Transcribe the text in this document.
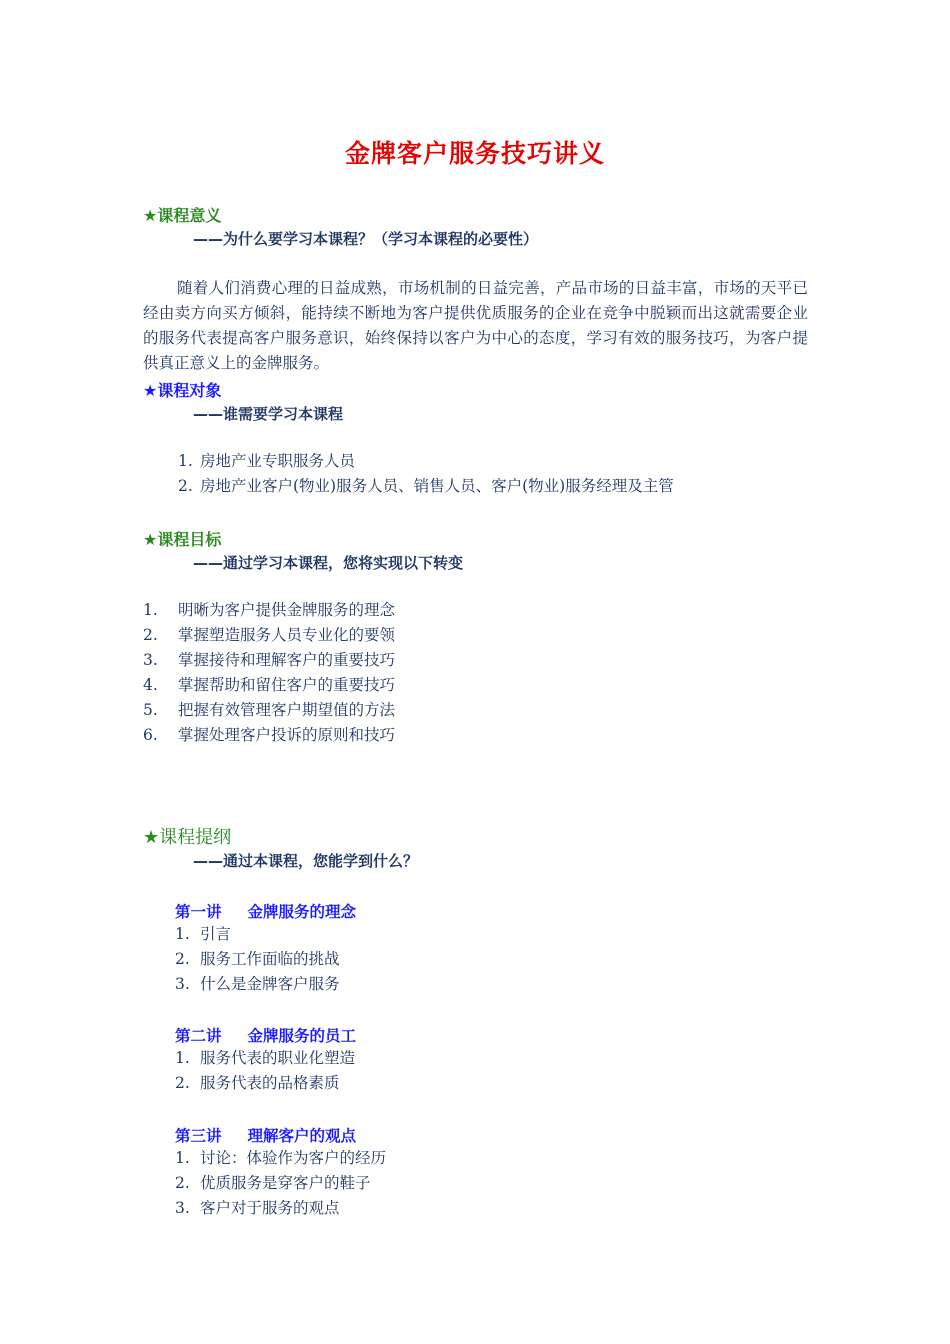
金牌客户服务技巧讲义
★课程意义
——为什么要学习本课程？（学习本课程的必要性）
随着人们消费心理的日益成熟，市场机制的日益完善，产品市场的日益丰富，市场的天平已经由卖方向买方倾斜，能持续不断地为客户提供优质服务的企业在竞争中脱颖而出这就需要企业的服务代表提高客户服务意识，始终保持以客户为中心的态度，学习有效的服务技巧，为客户提供真正意义上的金牌服务。
★课程对象
——谁需要学习本课程
1. 房地产业专职服务人员
2. 房地产业客户(物业)服务人员、销售人员、客户(物业)服务经理及主管
★课程目标
——通过学习本课程，您将实现以下转变
1. 明晰为客户提供金牌服务的理念
2. 掌握塑造服务人员专业化的要领
3. 掌握接待和理解客户的重要技巧
4. 掌握帮助和留住客户的重要技巧
5. 把握有效管理客户期望值的方法
6. 掌握处理客户投诉的原则和技巧
★课程提纲
——通过本课程，您能学到什么？
第一讲 金牌服务的理念
1. 引言
2. 服务工作面临的挑战
3. 什么是金牌客户服务
第二讲 金牌服务的员工
1. 服务代表的职业化塑造
2. 服务代表的品格素质
第三讲 理解客户的观点
1. 讨论：体验作为客户的经历
2. 优质服务是穿客户的鞋子
3. 客户对于服务的观点
